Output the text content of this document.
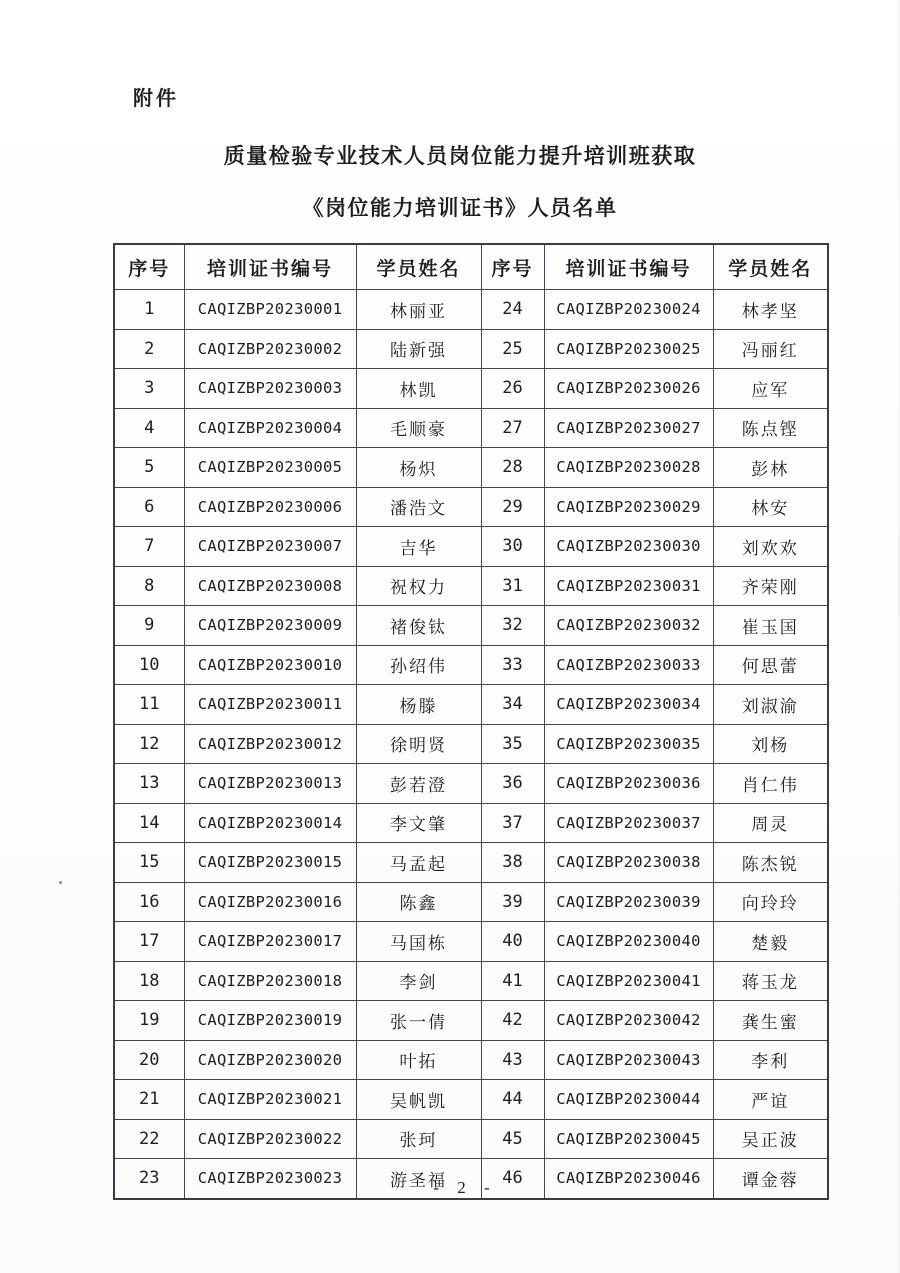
附件
质量检验专业技术人员岗位能力提升培训班获取
《岗位能力培训证书》人员名单
序号	培训证书编号	学员姓名	序号	培训证书编号	学员姓名
1	CAQIZBP20230001	林丽亚	24	CAQIZBP20230024	林孝坚
2	CAQIZBP20230002	陆新强	25	CAQIZBP20230025	冯丽红
3	CAQIZBP20230003	林凯	26	CAQIZBP20230026	应军
4	CAQIZBP20230004	毛顺豪	27	CAQIZBP20230027	陈点铿
5	CAQIZBP20230005	杨炽	28	CAQIZBP20230028	彭林
6	CAQIZBP20230006	潘浩文	29	CAQIZBP20230029	林安
7	CAQIZBP20230007	吉华	30	CAQIZBP20230030	刘欢欢
8	CAQIZBP20230008	祝权力	31	CAQIZBP20230031	齐荣刚
9	CAQIZBP20230009	褚俊钛	32	CAQIZBP20230032	崔玉国
10	CAQIZBP20230010	孙绍伟	33	CAQIZBP20230033	何思蕾
11	CAQIZBP20230011	杨滕	34	CAQIZBP20230034	刘淑渝
12	CAQIZBP20230012	徐明贤	35	CAQIZBP20230035	刘杨
13	CAQIZBP20230013	彭若澄	36	CAQIZBP20230036	肖仁伟
14	CAQIZBP20230014	李文肇	37	CAQIZBP20230037	周灵
15	CAQIZBP20230015	马孟起	38	CAQIZBP20230038	陈杰锐
16	CAQIZBP20230016	陈鑫	39	CAQIZBP20230039	向玲玲
17	CAQIZBP20230017	马国栋	40	CAQIZBP20230040	楚毅
18	CAQIZBP20230018	李剑	41	CAQIZBP20230041	蒋玉龙
19	CAQIZBP20230019	张一倩	42	CAQIZBP20230042	龚生蜜
20	CAQIZBP20230020	叶拓	43	CAQIZBP20230043	李利
21	CAQIZBP20230021	吴帆凯	44	CAQIZBP20230044	严谊
22	CAQIZBP20230022	张珂	45	CAQIZBP20230045	吴正波
23	CAQIZBP20230023	游圣福	46	CAQIZBP20230046	谭金蓉
- 2 -
